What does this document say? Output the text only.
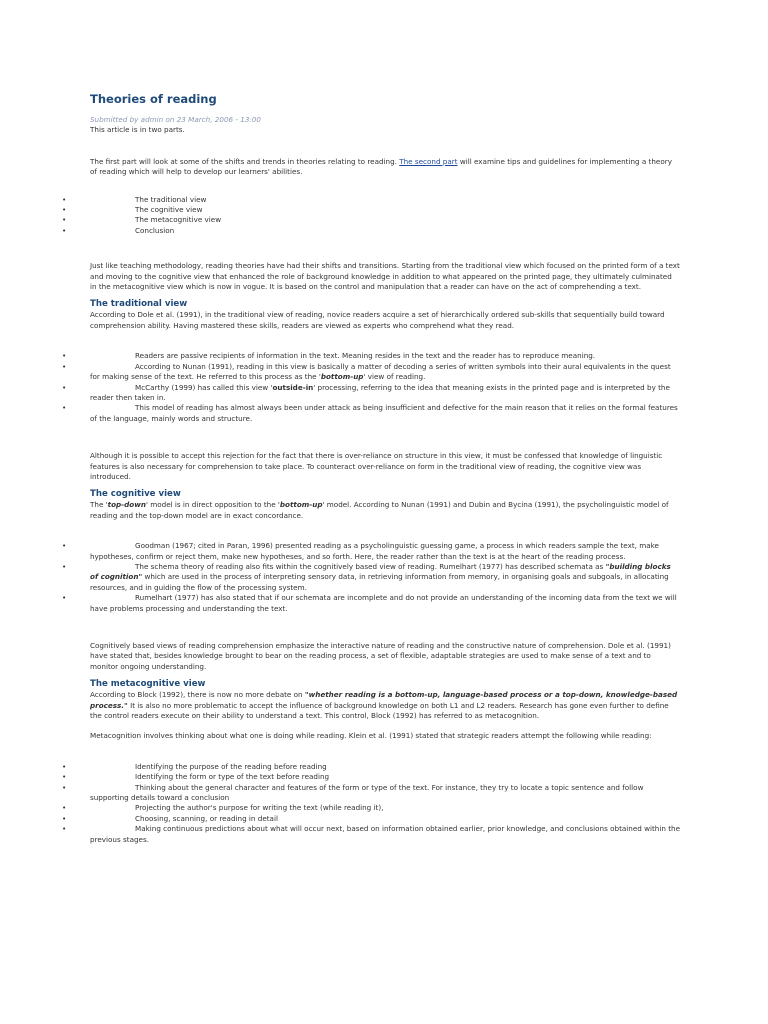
Theories of reading

Submitted by admin on 23 March, 2006 - 13:00

This article is in two parts.

The first part will look at some of the shifts and trends in theories relating to reading. The second part will examine tips and guidelines for implementing a theory of reading which will help to develop our learners' abilities.

• The traditional view
• The cognitive view
• The metacognitive view
• Conclusion

Just like teaching methodology, reading theories have had their shifts and transitions. Starting from the traditional view which focused on the printed form of a text and moving to the cognitive view that enhanced the role of background knowledge in addition to what appeared on the printed page, they ultimately culminated in the metacognitive view which is now in vogue. It is based on the control and manipulation that a reader can have on the act of comprehending a text.

The traditional view

According to Dole et al. (1991), in the traditional view of reading, novice readers acquire a set of hierarchically ordered sub-skills that sequentially build toward comprehension ability. Having mastered these skills, readers are viewed as experts who comprehend what they read.

• Readers are passive recipients of information in the text. Meaning resides in the text and the reader has to reproduce meaning.
• According to Nunan (1991), reading in this view is basically a matter of decoding a series of written symbols into their aural equivalents in the quest for making sense of the text. He referred to this process as the 'bottom-up' view of reading.
• McCarthy (1999) has called this view 'outside-in' processing, referring to the idea that meaning exists in the printed page and is interpreted by the reader then taken in.
• This model of reading has almost always been under attack as being insufficient and defective for the main reason that it relies on the formal features of the language, mainly words and structure.

Although it is possible to accept this rejection for the fact that there is over-reliance on structure in this view, it must be confessed that knowledge of linguistic features is also necessary for comprehension to take place. To counteract over-reliance on form in the traditional view of reading, the cognitive view was introduced.

The cognitive view

The 'top-down' model is in direct opposition to the 'bottom-up' model. According to Nunan (1991) and Dubin and Bycina (1991), the psycholinguistic model of reading and the top-down model are in exact concordance.

• Goodman (1967; cited in Paran, 1996) presented reading as a psycholinguistic guessing game, a process in which readers sample the text, make hypotheses, confirm or reject them, make new hypotheses, and so forth. Here, the reader rather than the text is at the heart of the reading process.
• The schema theory of reading also fits within the cognitively based view of reading. Rumelhart (1977) has described schemata as "building blocks of cognition" which are used in the process of interpreting sensory data, in retrieving information from memory, in organising goals and subgoals, in allocating resources, and in guiding the flow of the processing system.
• Rumelhart (1977) has also stated that if our schemata are incomplete and do not provide an understanding of the incoming data from the text we will have problems processing and understanding the text.

Cognitively based views of reading comprehension emphasize the interactive nature of reading and the constructive nature of comprehension. Dole et al. (1991) have stated that, besides knowledge brought to bear on the reading process, a set of flexible, adaptable strategies are used to make sense of a text and to monitor ongoing understanding.

The metacognitive view

According to Block (1992), there is now no more debate on "whether reading is a bottom-up, language-based process or a top-down, knowledge-based process." It is also no more problematic to accept the influence of background knowledge on both L1 and L2 readers. Research has gone even further to define the control readers execute on their ability to understand a text. This control, Block (1992) has referred to as metacognition.

Metacognition involves thinking about what one is doing while reading. Klein et al. (1991) stated that strategic readers attempt the following while reading:

• Identifying the purpose of the reading before reading
• Identifying the form or type of the text before reading
• Thinking about the general character and features of the form or type of the text. For instance, they try to locate a topic sentence and follow supporting details toward a conclusion
• Projecting the author's purpose for writing the text (while reading it),
• Choosing, scanning, or reading in detail
• Making continuous predictions about what will occur next, based on information obtained earlier, prior knowledge, and conclusions obtained within the previous stages.
